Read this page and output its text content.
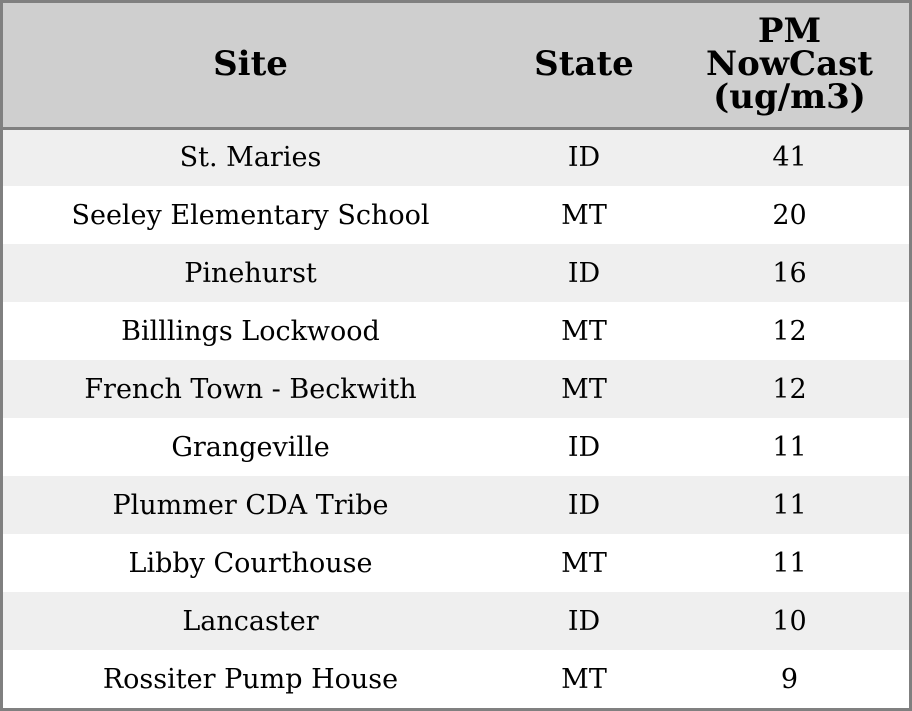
Site	State	PM
NowCast
(ug/m3)

St. Maries	ID	41
Seeley Elementary School	MT	20
Pinehurst	ID	16
Billlings Lockwood	MT	12
French Town - Beckwith	MT	12
Grangeville	ID	11
Plummer CDA Tribe	ID	11
Libby Courthouse	MT	11
Lancaster	ID	10
Rossiter Pump House	MT	9
